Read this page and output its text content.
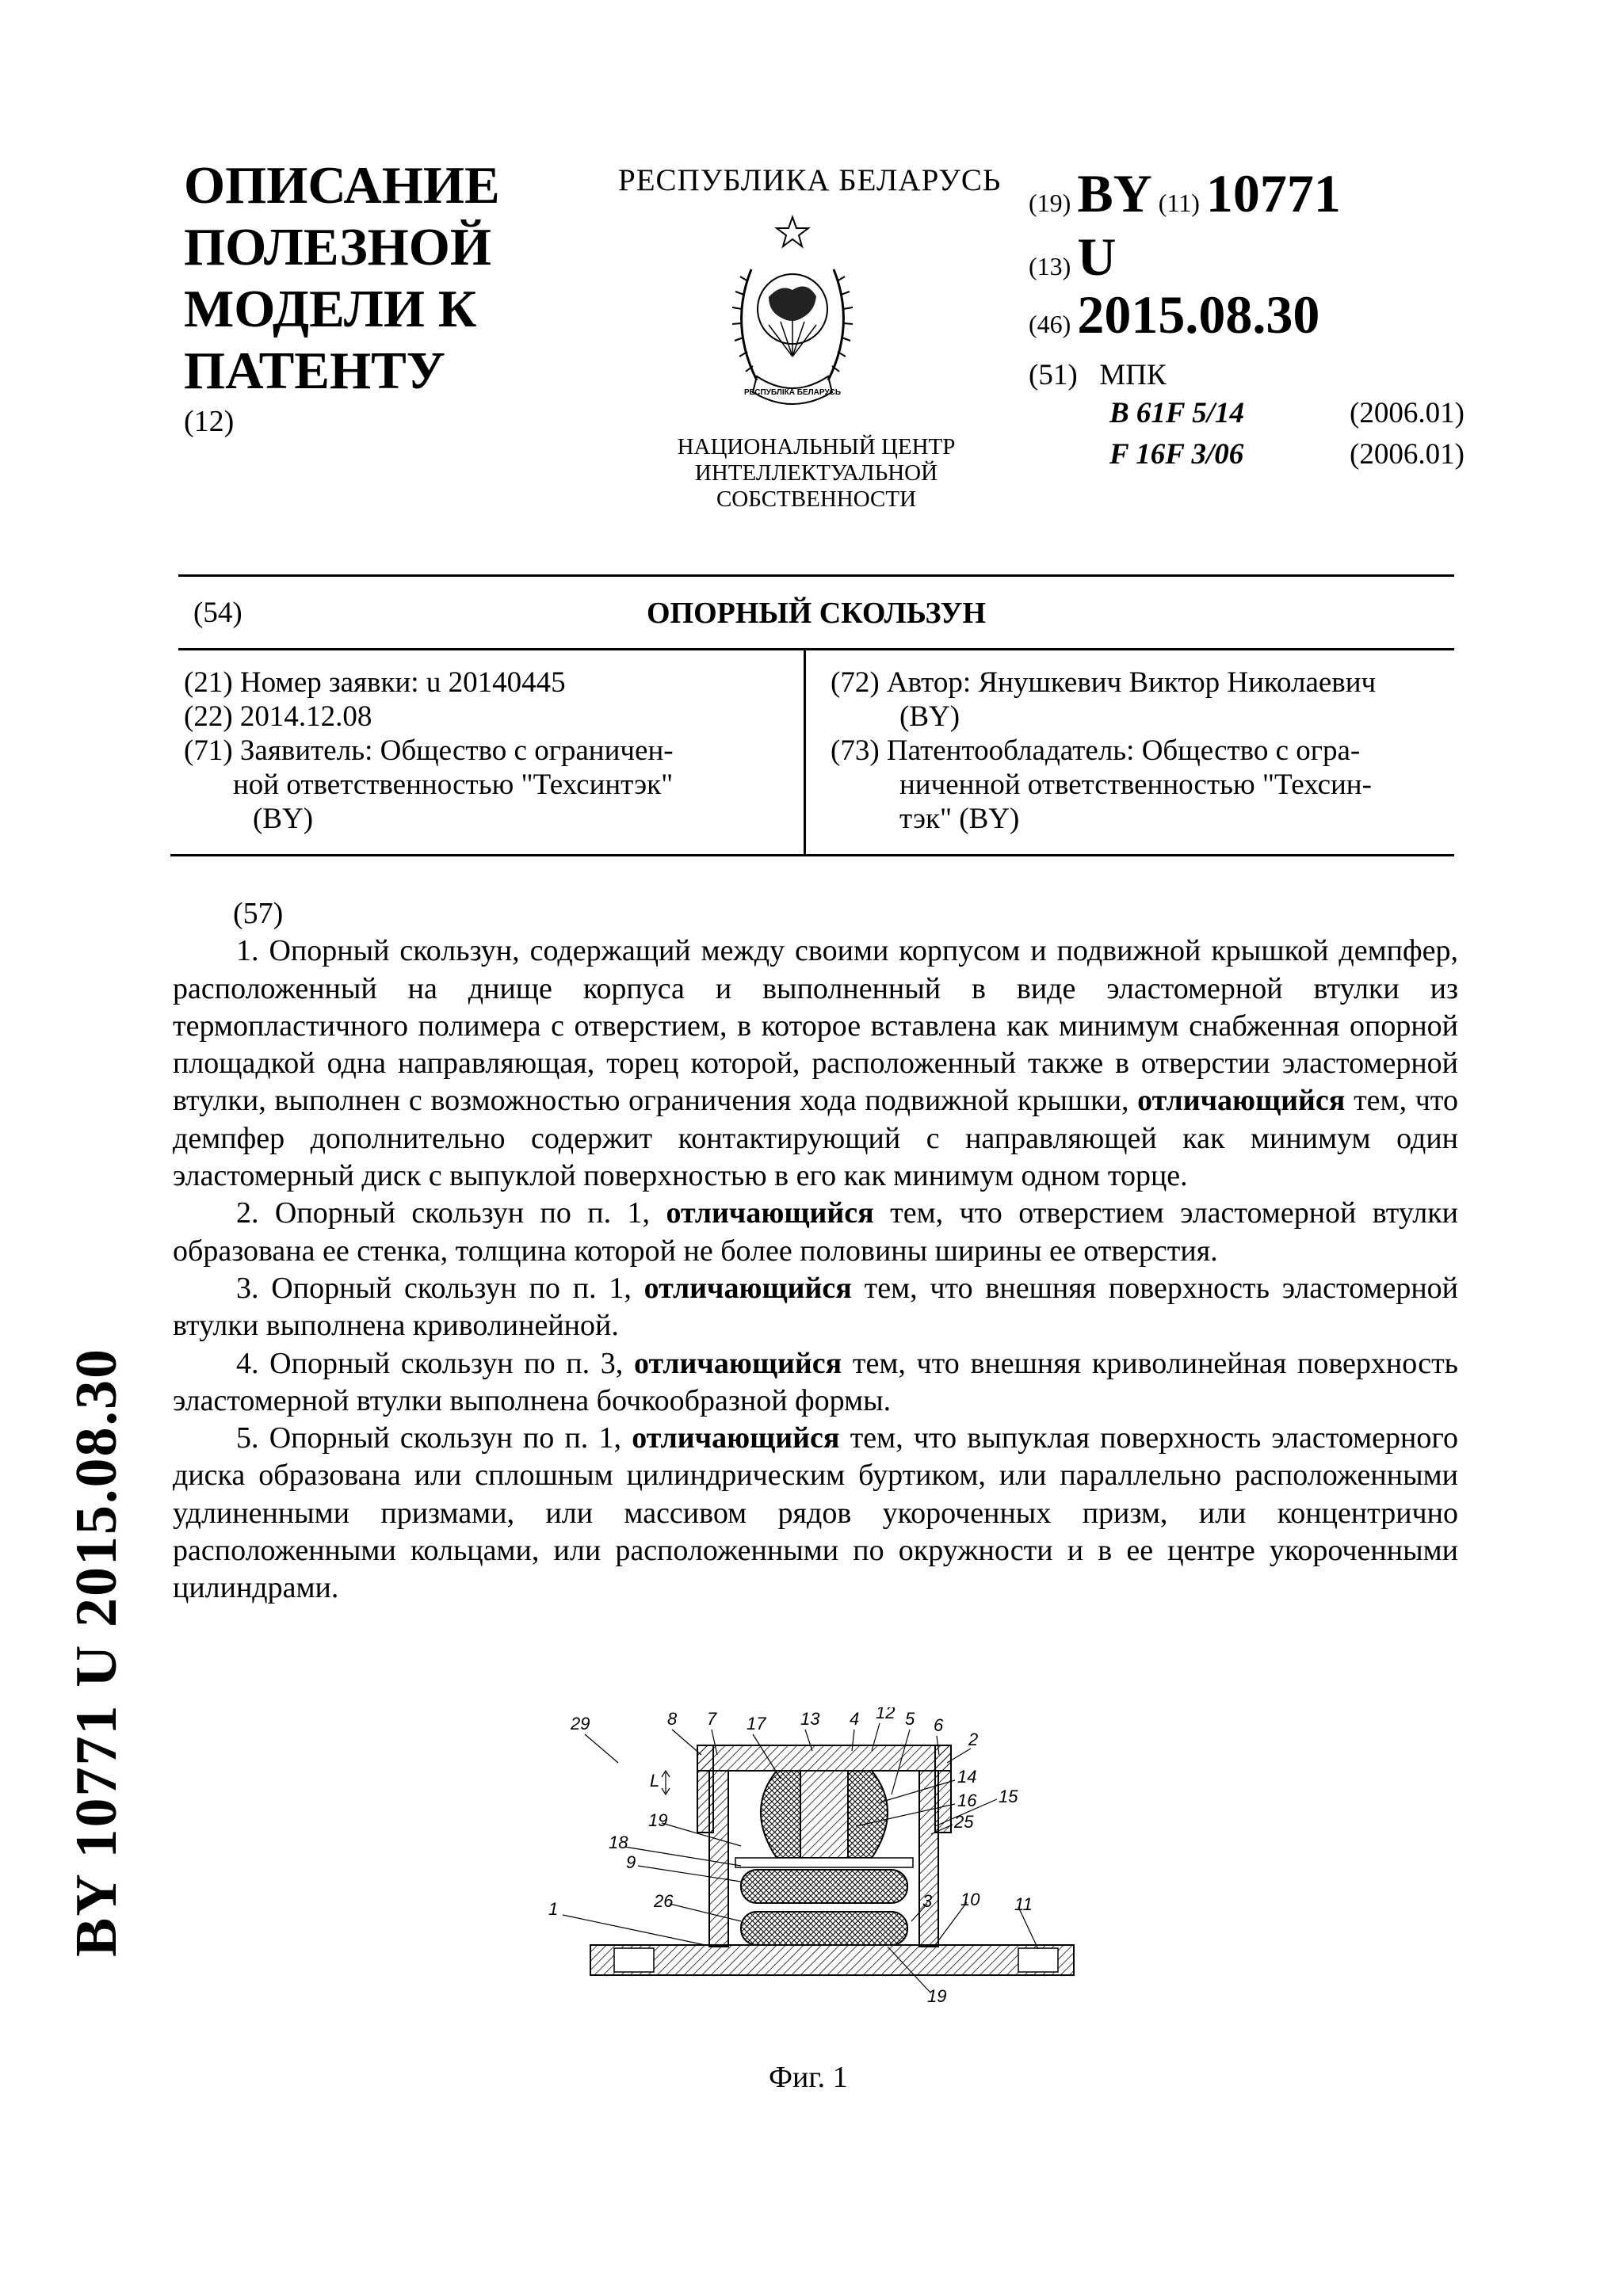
ОПИСАНИЕ
ПОЛЕЗНОЙ
МОДЕЛИ К
ПАТЕНТУ
(12)
РЕСПУБЛИКА БЕЛАРУСЬ
РЕСПУБЛІКА БЕЛАРУСЬ
НАЦИОНАЛЬНЫЙ ЦЕНТР
ИНТЕЛЛЕКТУАЛЬНОЙ
СОБСТВЕННОСТИ
(19) BY (11) 10771
(13) U
(46) 2015.08.30
(51) МПК
B 61F 5/14	(2006.01)
F 16F 3/06	(2006.01)
(54)	ОПОРНЫЙ СКОЛЬЗУН
(21) Номер заявки: u 20140445
(22) 2014.12.08
(71) Заявитель: Общество с ограничен-
ной ответственностью "Техсинтэк"
(BY)
(72) Автор: Янушкевич Виктор Николаевич
(BY)
(73) Патентообладатель: Общество с огра-
ниченной ответственностью "Техсин-
тэк" (BY)

(57)

1. Опорный скользун, содержащий между своими корпусом и подвижной крышкой демпфер, расположенный на днище корпуса и выполненный в виде эластомерной втулки из термопластичного полимера с отверстием, в которое вставлена как минимум снабженная опорной площадкой одна направляющая, торец которой, расположенный также в отверстии эластомерной втулки, выполнен с возможностью ограничения хода подвижной крышки, отличающийся тем, что демпфер дополнительно содержит контактирующий с направляющей как минимум один эластомерный диск с выпуклой поверхностью в его как минимум одном торце.

2. Опорный скользун по п. 1, отличающийся тем, что отверстием эластомерной втулки образована ее стенка, толщина которой не более половины ширины ее отверстия.

3. Опорный скользун по п. 1, отличающийся тем, что внешняя поверхность эластомерной втулки выполнена криволинейной.

4. Опорный скользун по п. 3, отличающийся тем, что внешняя криволинейная поверхность эластомерной втулки выполнена бочкообразной формы.

5. Опорный скользун по п. 1, отличающийся тем, что выпуклая поверхность эластомерного диска образована или сплошным цилиндрическим буртиком, или параллельно расположенными удлиненными призмами, или массивом рядов укороченных призм, или концентрично расположенными кольцами, или расположенными по окружности и в ее центре укороченными цилиндрами.

29	8 7 17 13 4 12 5 6
2
14
16 15
25
19
18
9
26
1	3 10 11
19
L
Фиг. 1
BY 10771 U 2015.08.30
